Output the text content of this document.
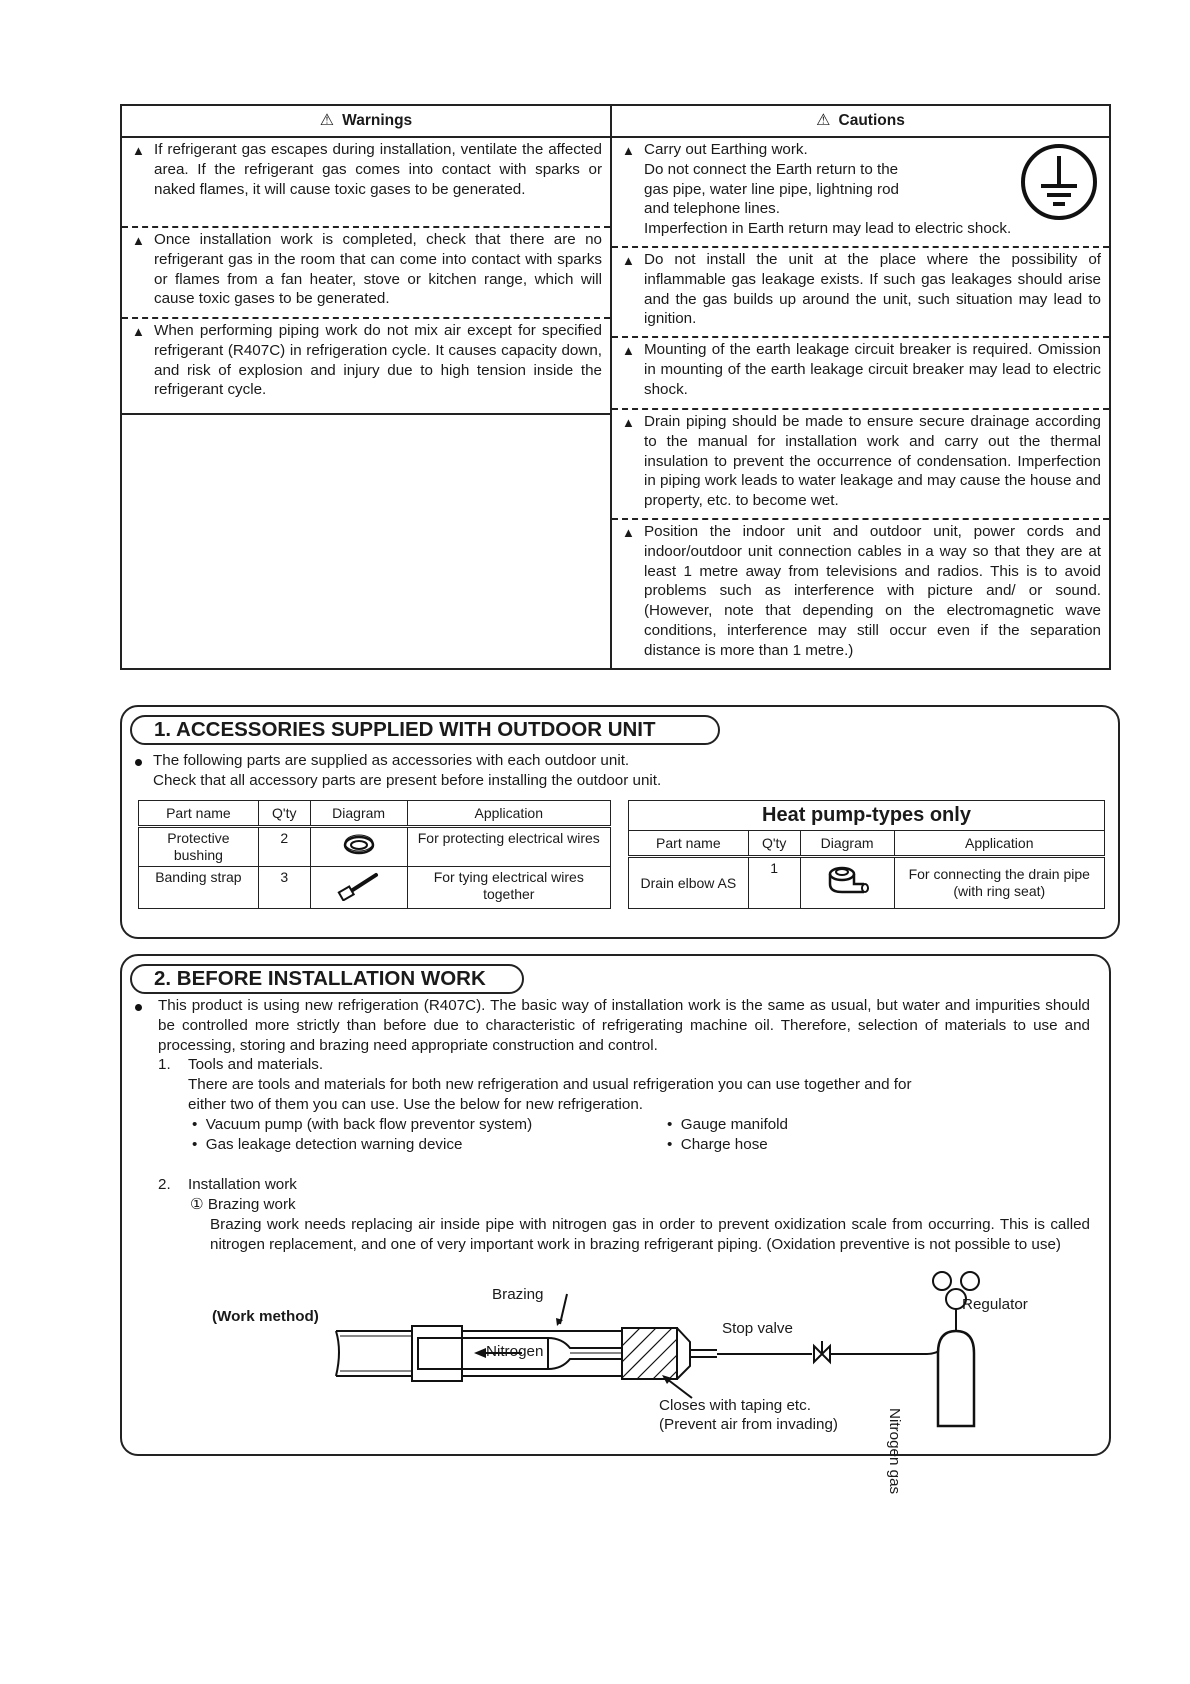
⚠ Warnings
▲ If refrigerant gas escapes during installation, ventilate the affected area. If the refrigerant gas comes into contact with sparks or naked flames, it will cause toxic gases to be generated.
▲ Once installation work is completed, check that there are no refrigerant gas in the room that can come into contact with sparks or flames from a fan heater, stove or kitchen range, which will cause toxic gases to be generated.
▲ When performing piping work do not mix air except for specified refrigerant (R407C) in refrigeration cycle. It causes capacity down, and risk of explosion and injury due to high tension inside the refrigerant cycle.
⚠ Cautions
▲ Carry out Earthing work.
Do not connect the Earth return to the
gas pipe, water line pipe, lightning rod
and telephone lines.
Imperfection in Earth return may lead to electric shock.
▲ Do not install the unit at the place where the possibility of inflammable gas leakage exists. If such gas leakages should arise and the gas builds up around the unit, such situation may lead to ignition.
▲ Mounting of the earth leakage circuit breaker is required. Omission in mounting of the earth leakage circuit breaker may lead to electric shock.
▲ Drain piping should be made to ensure secure drainage according to the manual for installation work and carry out the thermal insulation to prevent the occurrence of condensation. Imperfection in piping work leads to water leakage and may cause the house and property, etc. to become wet.
▲ Position the indoor unit and outdoor unit, power cords and indoor/outdoor unit connection cables in a way so that they are at least 1 metre away from televisions and radios. This is to avoid problems such as interference with picture and/ or sound. (However, note that depending on the electromagnetic wave conditions, interference may still occur even if the separation distance is more than 1 metre.)
1. ACCESSORIES SUPPLIED WITH OUTDOOR UNIT
The following parts are supplied as accessories with each outdoor unit.
Check that all accessory parts are present before installing the outdoor unit.
Part name	Q'ty	Diagram	Application
Protective bushing	2		For protecting electrical wires
Banding strap	3		For tying electrical wires together
Heat pump-types only			
Part name	Q'ty	Diagram	Application
Drain elbow AS	1		For connecting the drain pipe (with ring seat)
2. BEFORE INSTALLATION WORK
This product is using new refrigeration (R407C). The basic way of installation work is the same as usual, but water and impurities should be controlled more strictly than before due to characteristic of refrigerating machine oil. Therefore, selection of materials to use and processing, storing and brazing need appropriate construction and control.
1. Tools and materials.
There are tools and materials for both new refrigeration and usual refrigeration you can use together and for
either two of them you can use. Use the below for new refrigeration.
•  Vacuum pump (with back flow preventor system)	•  Gauge manifold
•  Gas leakage detection warning device	•  Charge hose
2. Installation work
① Brazing work
Brazing work needs replacing air inside pipe with nitrogen gas in order to prevent oxidization scale from occurring. This is called nitrogen replacement, and one of very important work in brazing refrigerant piping. (Oxidation preventive is not possible to use)
(Work method)
Brazing
Nitrogen
Stop valve
Regulator
Closes with taping etc.
(Prevent air from invading)	Nitrogen gas
